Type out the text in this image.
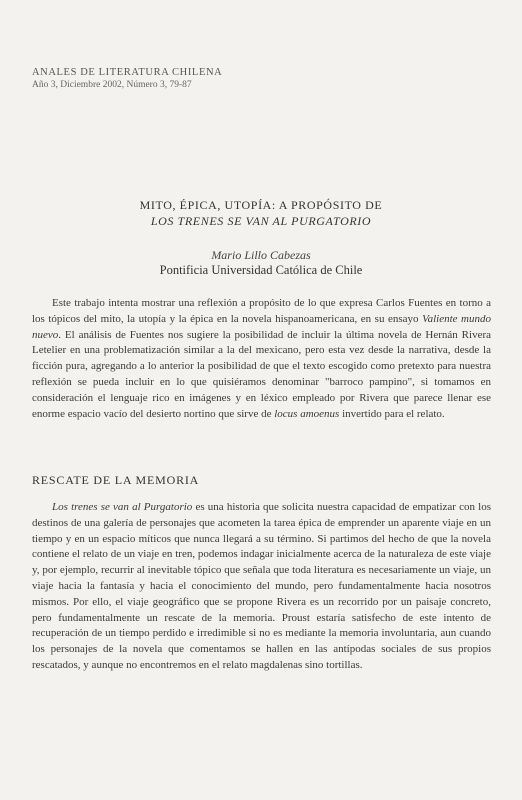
ANALES DE LITERATURA CHILENA
Año 3, Diciembre 2002, Número 3, 79-87
MITO, ÉPICA, UTOPÍA: A PROPÓSITO DE
LOS TRENES SE VAN AL PURGATORIO
Mario Lillo Cabezas
Pontificia Universidad Católica de Chile

Este trabajo intenta mostrar una reflexión a propósito de lo que expresa Carlos Fuentes en torno a los tópicos del mito, la utopía y la épica en la novela hispanoamericana, en su ensayo Valiente mundo nuevo. El análisis de Fuentes nos sugiere la posibilidad de incluir la última novela de Hernán Rivera Letelier en una problematización similar a la del mexicano, pero esta vez desde la narrativa, desde la ficción pura, agregando a lo anterior la posibilidad de que el texto escogido como pretexto para nuestra reflexión se pueda incluir en lo que quisiéramos denominar "barroco pampino", si tomamos en consideración el lenguaje rico en imágenes y en léxico empleado por Rivera que parece llenar ese enorme espacio vacío del desierto nortino que sirve de locus amoenus invertido para el relato.

RESCATE DE LA MEMORIA

Los trenes se van al Purgatorio es una historia que solicita nuestra capacidad de empatizar con los destinos de una galería de personajes que acometen la tarea épica de emprender un aparente viaje en un tiempo y en un espacio míticos que nunca llegará a su término. Si partimos del hecho de que la novela contiene el relato de un viaje en tren, podemos indagar inicialmente acerca de la naturaleza de este viaje y, por ejemplo, recurrir al inevitable tópico que señala que toda literatura es necesariamente un viaje, un viaje hacia la fantasía y hacia el conocimiento del mundo, pero fundamentalmente hacia nosotros mismos. Por ello, el viaje geográfico que se propone Rivera es un recorrido por un paisaje concreto, pero fundamentalmente un rescate de la memoria. Proust estaría satisfecho de este intento de recuperación de un tiempo perdido e irredimible si no es mediante la memoria involuntaria, aun cuando los personajes de la novela que comentamos se hallen en las antípodas sociales de sus propios rescatados, y aunque no encontremos en el relato magdalenas sino tortillas.
